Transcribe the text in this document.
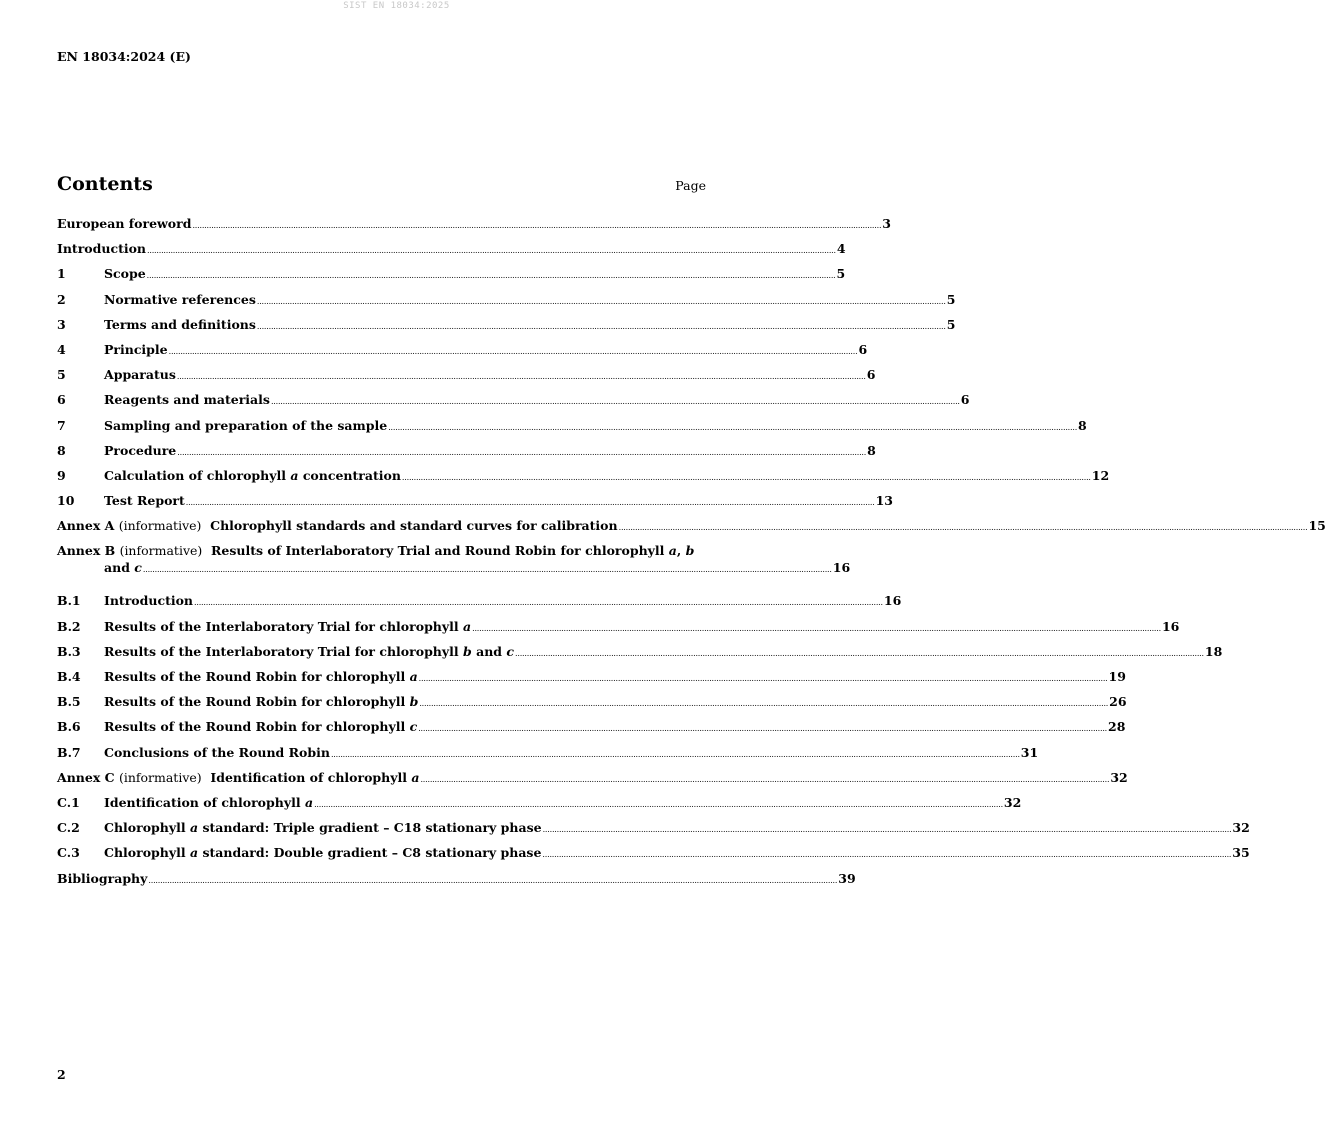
SIST EN 18034:2025
EN 18034:2024 (E)
Contents	Page
European foreword ...................................................................................................................................................................................................................................................................................................... 3
Introduction ...................................................................................................................................................................................................................................................................................................... 4
1	Scope ...................................................................................................................................................................................................................................................................................................... 5
2	Normative references ...................................................................................................................................................................................................................................................................................................... 5
3	Terms and definitions ...................................................................................................................................................................................................................................................................................................... 5
4	Principle ...................................................................................................................................................................................................................................................................................................... 6
5	Apparatus ...................................................................................................................................................................................................................................................................................................... 6
6	Reagents and materials ...................................................................................................................................................................................................................................................................................................... 6
7	Sampling and preparation of the sample ...................................................................................................................................................................................................................................................................................................... 8
8	Procedure ...................................................................................................................................................................................................................................................................................................... 8
9	Calculation of chlorophyll a concentration ...................................................................................................................................................................................................................................................................................................... 12
10	Test Report ...................................................................................................................................................................................................................................................................................................... 13
Annex A (informative) Chlorophyll standards and standard curves for calibration ...................................................................................................................................................................................................................................................................................................... 15
Annex B (informative) Results of Interlaboratory Trial and Round Robin for chlorophyll a, b
and c ...................................................................................................................................................................................................................................................................................................... 16
B.1	Introduction ...................................................................................................................................................................................................................................................................................................... 16
B.2	Results of the Interlaboratory Trial for chlorophyll a ...................................................................................................................................................................................................................................................................................................... 16
B.3	Results of the Interlaboratory Trial for chlorophyll b and c ...................................................................................................................................................................................................................................................................................................... 18
B.4	Results of the Round Robin for chlorophyll a ...................................................................................................................................................................................................................................................................................................... 19
B.5	Results of the Round Robin for chlorophyll b ...................................................................................................................................................................................................................................................................................................... 26
B.6	Results of the Round Robin for chlorophyll c ...................................................................................................................................................................................................................................................................................................... 28
B.7	Conclusions of the Round Robin ...................................................................................................................................................................................................................................................................................................... 31
Annex C (informative) Identification of chlorophyll a ...................................................................................................................................................................................................................................................................................................... 32
C.1	Identification of chlorophyll a ...................................................................................................................................................................................................................................................................................................... 32
C.2	Chlorophyll a standard: Triple gradient – C18 stationary phase ...................................................................................................................................................................................................................................................................................................... 32
C.3	Chlorophyll a standard: Double gradient – C8 stationary phase ...................................................................................................................................................................................................................................................................................................... 35
Bibliography ...................................................................................................................................................................................................................................................................................................... 39
2
